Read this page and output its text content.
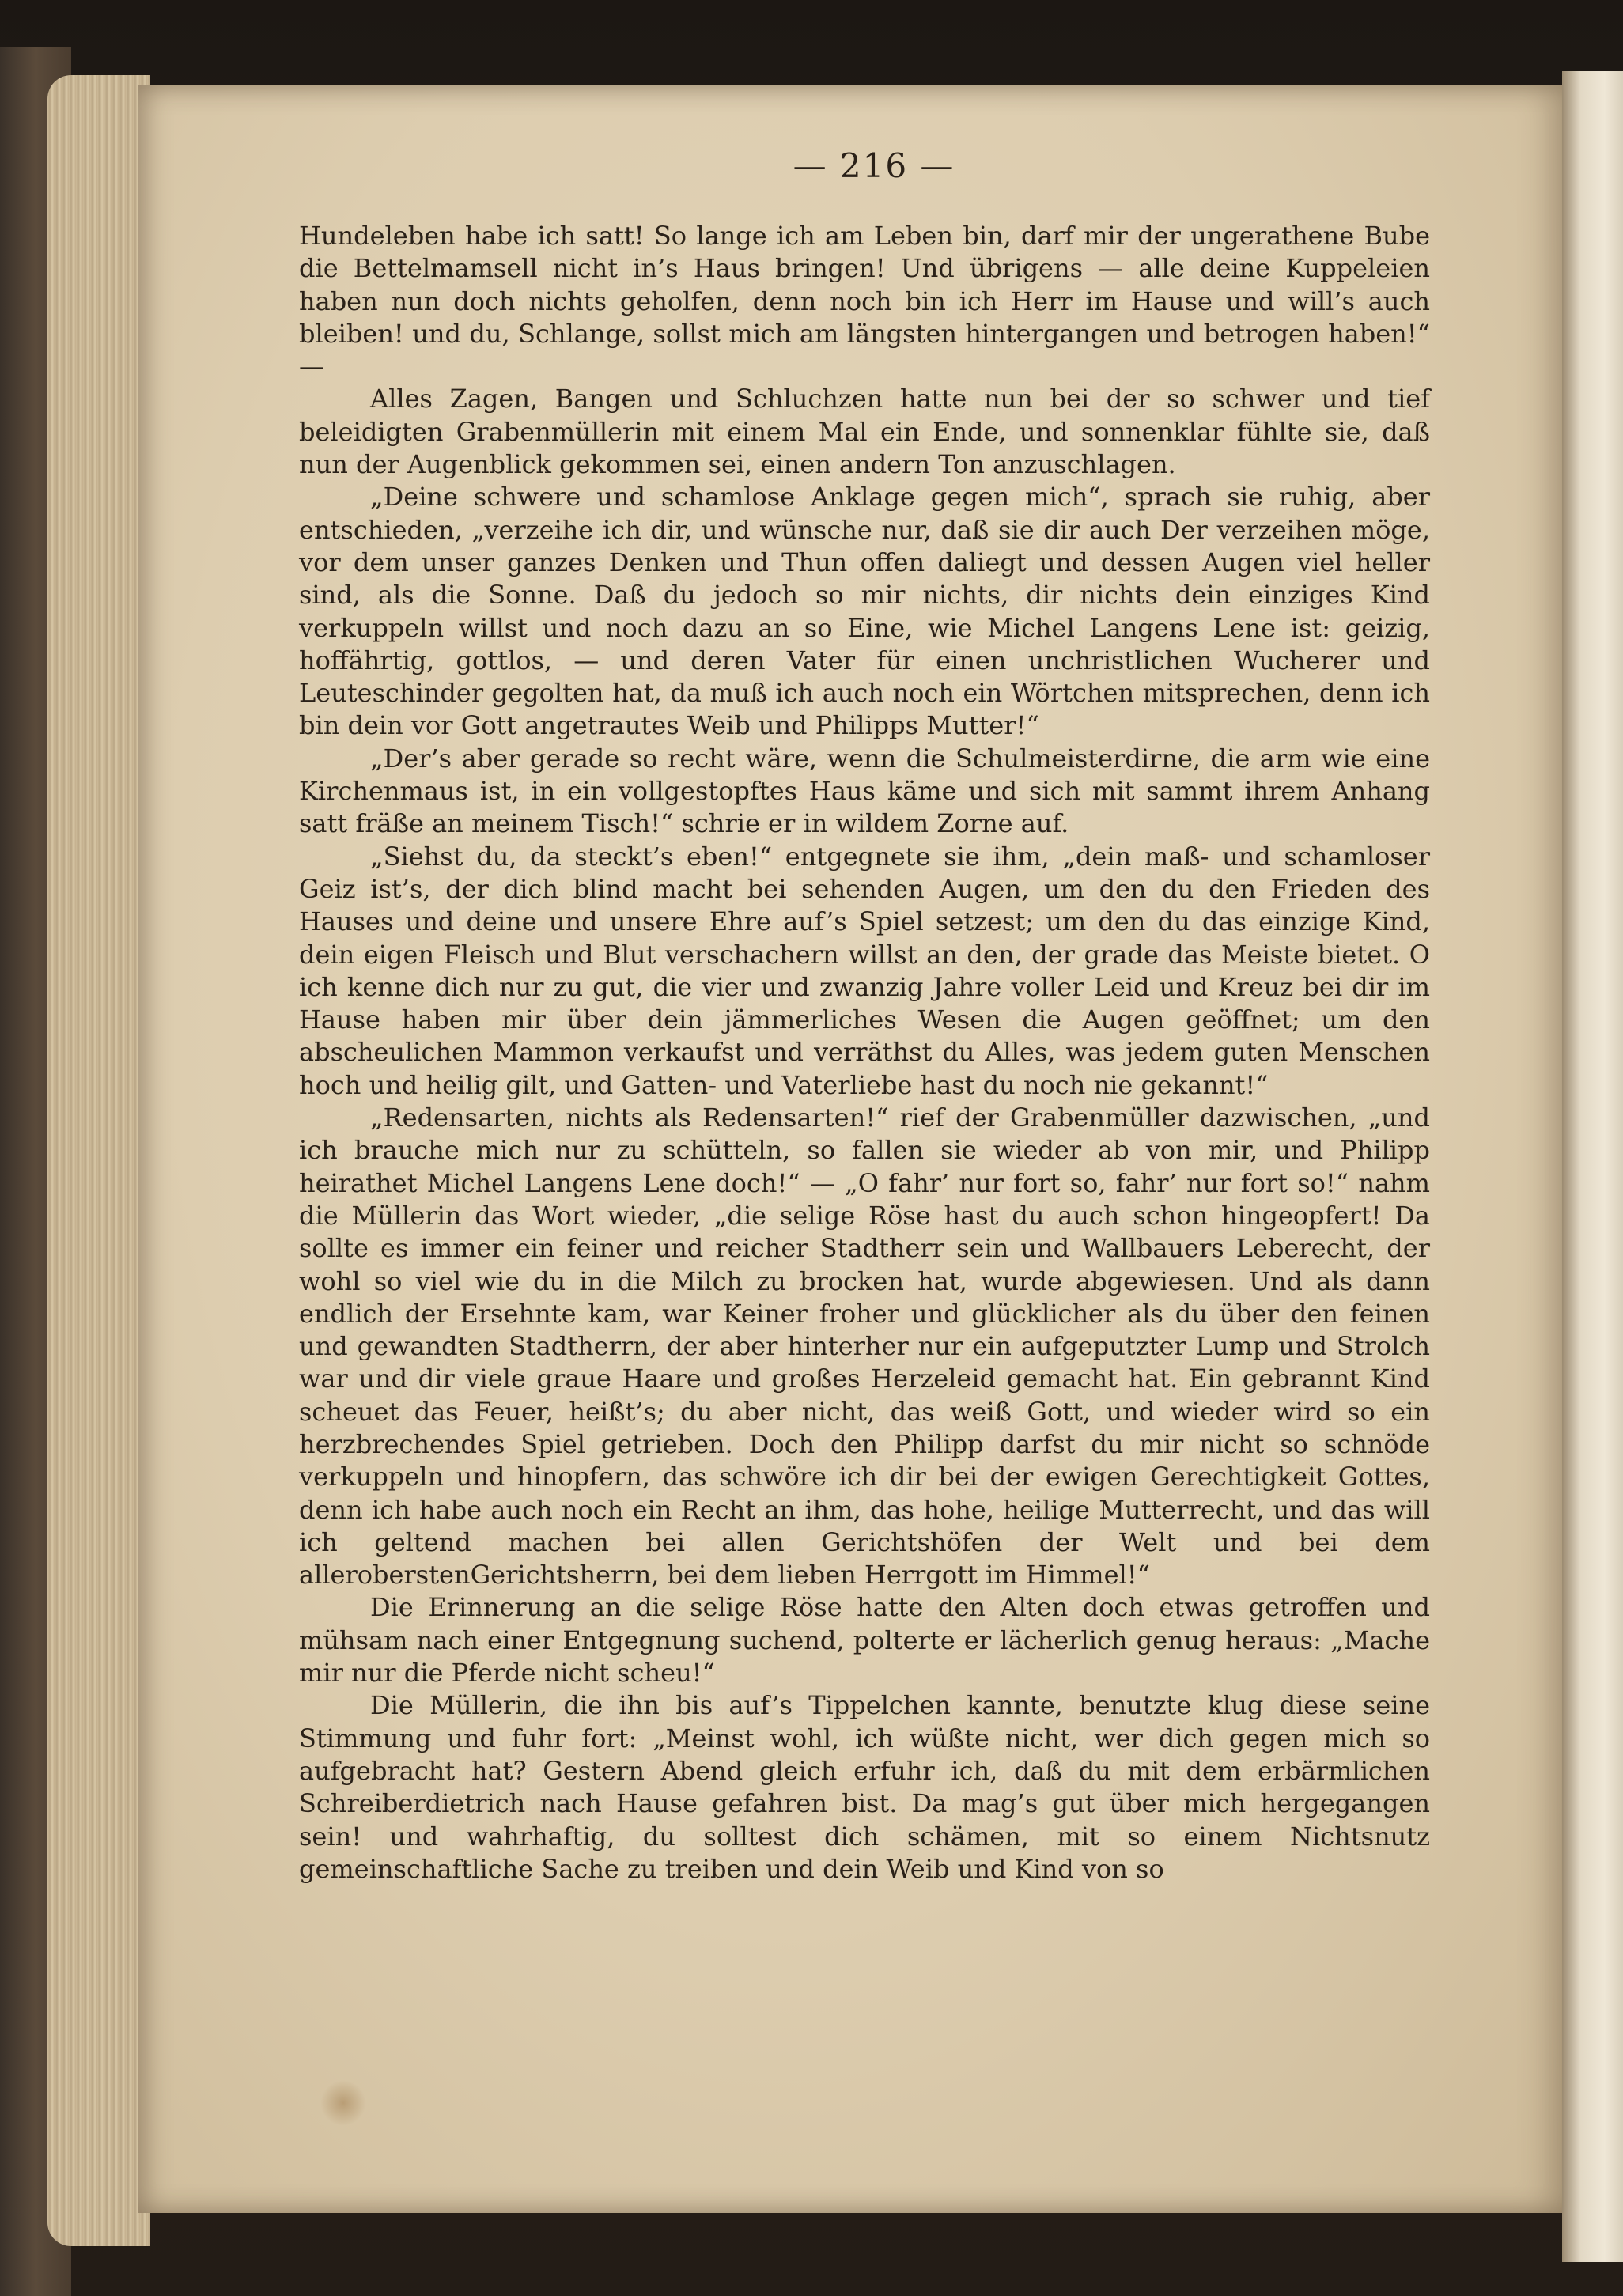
— 216 —

Hundeleben habe ich satt! So lange ich am Leben bin, darf mir der ungerathene Bube die Bettelmamsell nicht in’s Haus bringen! Und übrigens — alle deine Kuppeleien haben nun doch nichts geholfen, denn noch bin ich Herr im Hause und will’s auch bleiben! und du, Schlange, sollst mich am längsten hintergangen und betrogen haben!“ —

Alles Zagen, Bangen und Schluchzen hatte nun bei der so schwer und tief beleidigten Grabenmüllerin mit einem Mal ein Ende, und sonnenklar fühlte sie, daß nun der Augenblick gekommen sei, einen andern Ton anzuschlagen.

„Deine schwere und schamlose Anklage gegen mich“, sprach sie ruhig, aber entschieden, „verzeihe ich dir, und wünsche nur, daß sie dir auch Der verzeihen möge, vor dem unser ganzes Denken und Thun offen daliegt und dessen Augen viel heller sind, als die Sonne. Daß du jedoch so mir nichts, dir nichts dein einziges Kind verkuppeln willst und noch dazu an so Eine, wie Michel Langens Lene ist: geizig, hoffährtig, gottlos, — und deren Vater für einen unchristlichen Wucherer und Leuteschinder gegolten hat, da muß ich auch noch ein Wörtchen mitsprechen, denn ich bin dein vor Gott angetrautes Weib und Philipps Mutter!“

„Der’s aber gerade so recht wäre, wenn die Schulmeisterdirne, die arm wie eine Kirchenmaus ist, in ein vollgestopftes Haus käme und sich mit sammt ihrem Anhang satt fräße an meinem Tisch!“ schrie er in wildem Zorne auf.

„Siehst du, da steckt’s eben!“ entgegnete sie ihm, „dein maß- und schamloser Geiz ist’s, der dich blind macht bei sehenden Augen, um den du den Frieden des Hauses und deine und unsere Ehre auf’s Spiel setzest; um den du das einzige Kind, dein eigen Fleisch und Blut verschachern willst an den, der grade das Meiste bietet. O ich kenne dich nur zu gut, die vier und zwanzig Jahre voller Leid und Kreuz bei dir im Hause haben mir über dein jämmerliches Wesen die Augen geöffnet; um den abscheulichen Mammon verkaufst und verräthst du Alles, was jedem guten Menschen hoch und heilig gilt, und Gatten- und Vaterliebe hast du noch nie gekannt!“

„Redensarten, nichts als Redensarten!“ rief der Grabenmüller dazwischen, „und ich brauche mich nur zu schütteln, so fallen sie wieder ab von mir, und Philipp heirathet Michel Langens Lene doch!“ — „O fahr’ nur fort so, fahr’ nur fort so!“ nahm die Müllerin das Wort wieder, „die selige Röse hast du auch schon hingeopfert! Da sollte es immer ein feiner und reicher Stadtherr sein und Wallbauers Leberecht, der wohl so viel wie du in die Milch zu brocken hat, wurde abgewiesen. Und als dann endlich der Ersehnte kam, war Keiner froher und glücklicher als du über den feinen und gewandten Stadtherrn, der aber hinterher nur ein aufgeputzter Lump und Strolch war und dir viele graue Haare und großes Herzeleid gemacht hat. Ein gebrannt Kind scheuet das Feuer, heißt’s; du aber nicht, das weiß Gott, und wieder wird so ein herzbrechendes Spiel getrieben. Doch den Philipp darfst du mir nicht so schnöde verkuppeln und hinopfern, das schwöre ich dir bei der ewigen Gerechtigkeit Gottes, denn ich habe auch noch ein Recht an ihm, das hohe, heilige Mutterrecht, und das will ich geltend machen bei allen Gerichtshöfen der Welt und bei dem alleroberstenGerichtsherrn, bei dem lieben Herrgott im Himmel!“

Die Erinnerung an die selige Röse hatte den Alten doch etwas getroffen und mühsam nach einer Entgegnung suchend, polterte er lächerlich genug heraus: „Mache mir nur die Pferde nicht scheu!“

Die Müllerin, die ihn bis auf’s Tippelchen kannte, benutzte klug diese seine Stimmung und fuhr fort: „Meinst wohl, ich wüßte nicht, wer dich gegen mich so aufgebracht hat? Gestern Abend gleich erfuhr ich, daß du mit dem erbärmlichen Schreiberdietrich nach Hause gefahren bist. Da mag’s gut über mich hergegangen sein! und wahrhaftig, du solltest dich schämen, mit so einem Nichtsnutz gemeinschaftliche Sache zu treiben und dein Weib und Kind von so
